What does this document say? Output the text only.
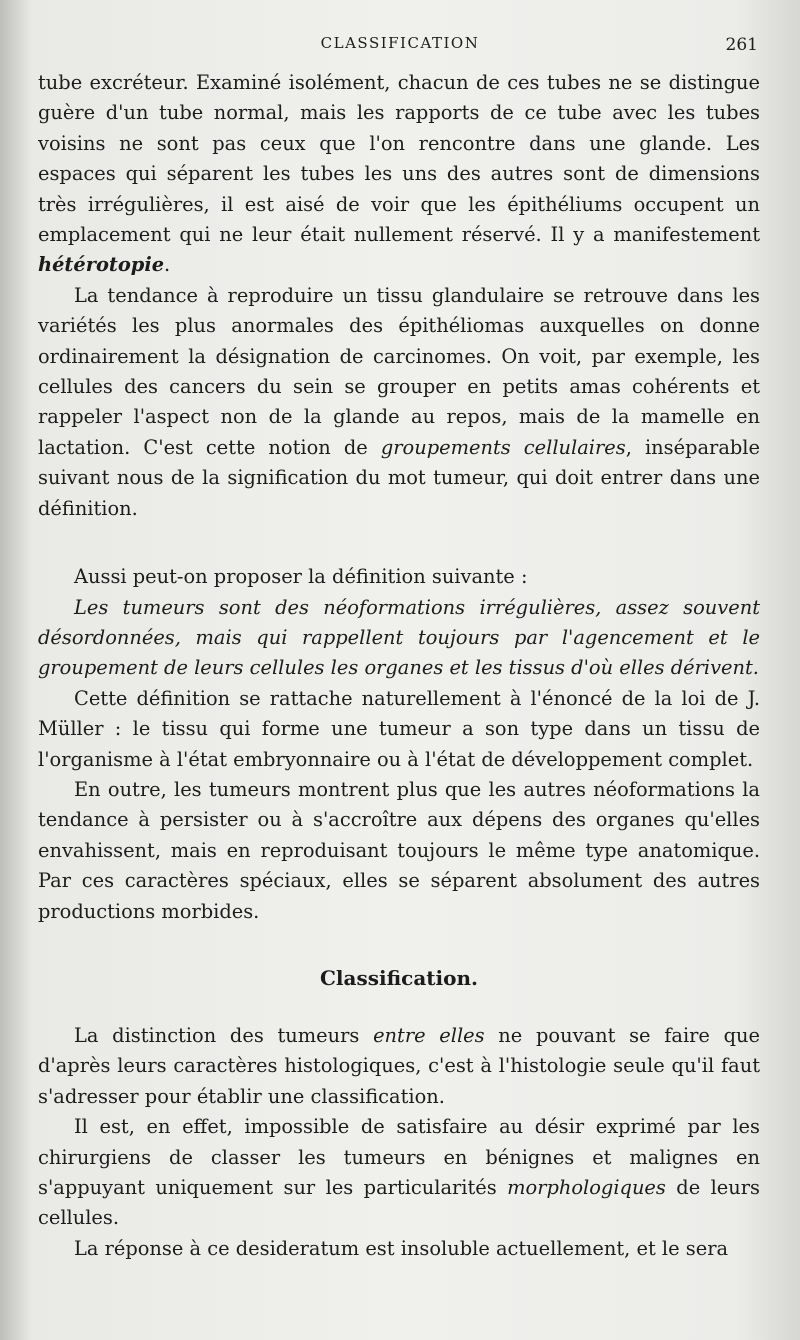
CLASSIFICATION	261

tube excréteur. Examiné isolément, chacun de ces tubes ne se distingue guère d'un tube normal, mais les rapports de ce tube avec les tubes voisins ne sont pas ceux que l'on rencontre dans une glande. Les espaces qui séparent les tubes les uns des autres sont de dimensions très irrégulières, il est aisé de voir que les épithéliums occupent un emplacement qui ne leur était nullement réservé. Il y a manifestement hétérotopie.

La tendance à reproduire un tissu glandulaire se retrouve dans les variétés les plus anormales des épithéliomas auxquelles on donne ordinairement la désignation de carcinomes. On voit, par exemple, les cellules des cancers du sein se grouper en petits amas cohérents et rappeler l'aspect non de la glande au repos, mais de la mamelle en lactation. C'est cette notion de groupements cellulaires, inséparable suivant nous de la signification du mot tumeur, qui doit entrer dans une définition.

Aussi peut-on proposer la définition suivante :

Les tumeurs sont des néoformations irrégulières, assez souvent désordonnées, mais qui rappellent toujours par l'agencement et le groupement de leurs cellules les organes et les tissus d'où elles dérivent.

Cette définition se rattache naturellement à l'énoncé de la loi de J. Müller : le tissu qui forme une tumeur a son type dans un tissu de l'organisme à l'état embryonnaire ou à l'état de développement complet.

En outre, les tumeurs montrent plus que les autres néoformations la tendance à persister ou à s'accroître aux dépens des organes qu'elles envahissent, mais en reproduisant toujours le même type anatomique. Par ces caractères spéciaux, elles se séparent absolument des autres productions morbides.

Classification.

La distinction des tumeurs entre elles ne pouvant se faire que d'après leurs caractères histologiques, c'est à l'histologie seule qu'il faut s'adresser pour établir une classification.

Il est, en effet, impossible de satisfaire au désir exprimé par les chirurgiens de classer les tumeurs en bénignes et malignes en s'appuyant uniquement sur les particularités morphologiques de leurs cellules.

La réponse à ce desideratum est insoluble actuellement, et le sera
